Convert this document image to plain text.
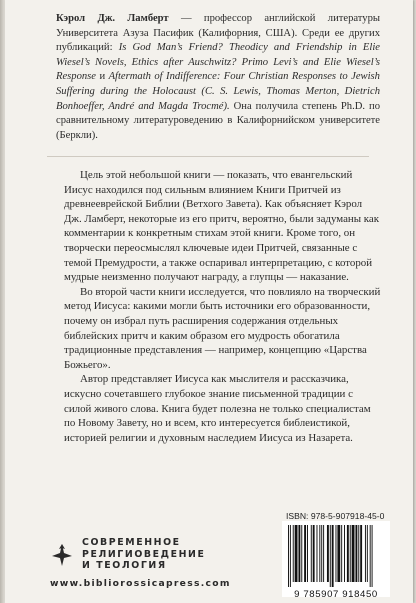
Кэрол Дж. Ламберт — профессор английской литературы Университета Азуза Пасифик (Калифорния, США). Среди ее других публикаций: Is God Man’s Friend? Theodicy and Friendship in Elie Wiesel’s Novels, Ethics after Auschwitz? Primo Levi’s and Elie Wiesel’s Response и Aftermath of Indifference: Four Christian Responses to Jewish Suffering during the Holocaust (C. S. Lewis, Thomas Merton, Dietrich Bonhoeffer, André and Magda Trocmé). Она получила степень Ph.D. по сравнительному литературоведению в Калифорнийском университете (Беркли).

Цель этой небольшой книги — показать, что евангельский Иисус находился под сильным влиянием Книги Притчей из древнееврейской Библии (Ветхого Завета). Как объясняет Кэрол Дж. Ламберт, некоторые из его притч, вероятно, были задуманы как комментарии к конкретным стихам этой книги. Кроме того, он творчески переосмыслял ключевые идеи Притчей, связанные с темой Премудрости, а также оспаривал интерпретацию, с которой мудрые неизменно получают награду, а глупцы — наказание.

Во второй части книги исследуется, что повлияло на творческий метод Иисуса: какими могли быть источники его образованности, почему он избрал путь расширения содержания отдельных библейских притч и каким образом его мудрость обогатила традиционные представления — например, концепцию «Царства Божьего».

Автор представляет Иисуса как мыслителя и рассказчика, искусно сочетавшего глубокое знание письменной традиции с силой живого слова. Книга будет полезна не только специалистам по Новому Завету, но и всем, кто интересуется библеистикой, историей религии и духовным наследием Иисуса из Назарета.

ISBN: 978-5-907918-45-0
9 785907 918450
СОВРЕМЕННОЕ
РЕЛИГИОВЕДЕНИЕ
И ТЕОЛОГИЯ
www.bibliorossicapress.com
